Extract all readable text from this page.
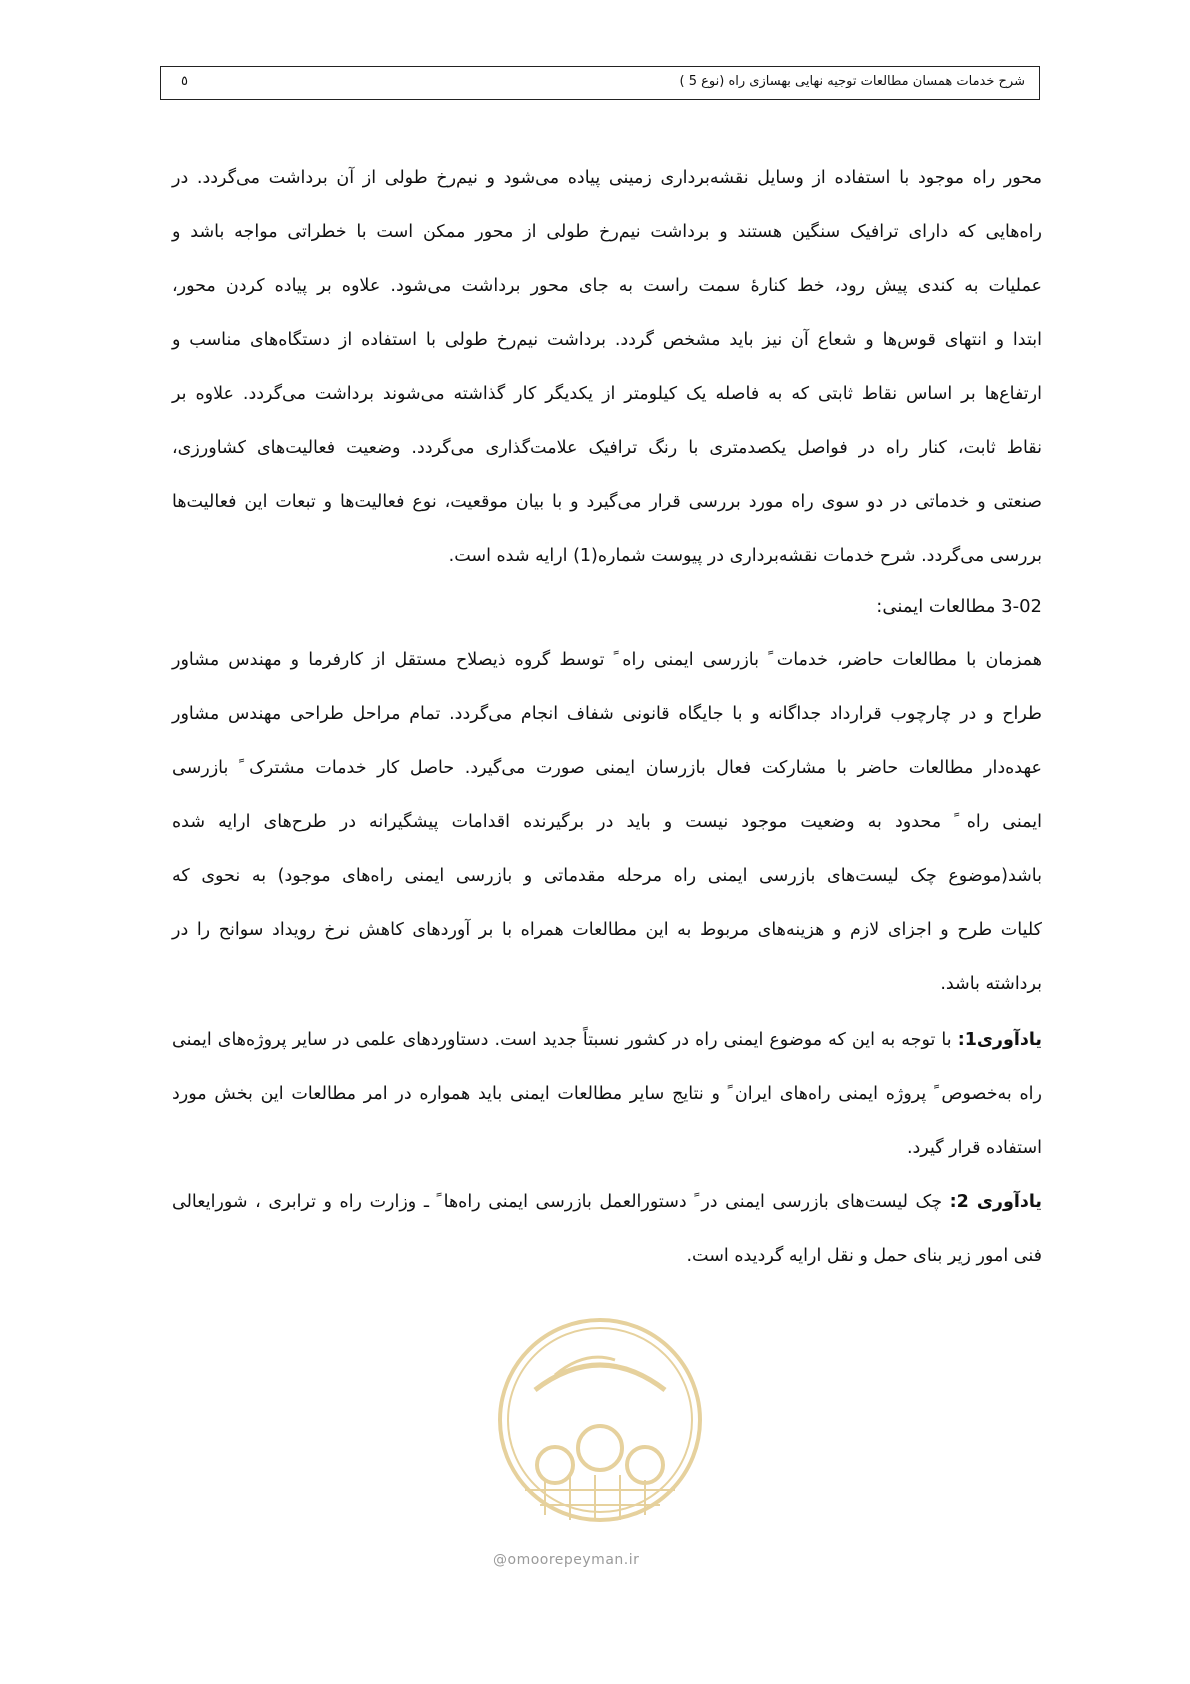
شرح خدمات همسان مطالعات توجیه نهایی بهسازی راه (نوع 5 )
٥
محور راه موجود با استفاده از وسایل نقشه‌برداری زمینی پیاده می‌شود و نیم‌رخ طولی از آن برداشت می‌گردد. در
راه‌هایی که دارای ترافیک سنگین هستند و برداشت نیم‌رخ طولی از محور ممکن است با خطراتی مواجه باشد و
عملیات به کندی پیش رود، خط کنارهٔ سمت راست به جای محور برداشت می‌شود. علاوه بر پیاده کردن محور،
ابتدا و انتهای قوس‌ها و شعاع آن نیز باید مشخص گردد. برداشت نیم‌رخ طولی با استفاده از دستگاه‌های مناسب و
ارتفاع‌ها بر اساس نقاط ثابتی که به فاصله یک کیلومتر از یکدیگر کار گذاشته می‌شوند برداشت می‌گردد. علاوه بر
نقاط ثابت، کنار راه در فواصل یکصدمتری با رنگ ترافیک علامت‌گذاری می‌گردد. وضعیت فعالیت‌های کشاورزی،
صنعتی و خدماتی در دو سوی راه مورد بررسی قرار می‌گیرد و با بیان موقعیت، نوع فعالیت‌ها و تبعات این فعالیت‌ها
بررسی می‌گردد. شرح خدمات نقشه‌برداری در پیوست شماره(1) ارایه شده است.
3-02 مطالعات ایمنی:
همزمان با مطالعات حاضر، خدمات ً بازرسی ایمنی راه ً توسط گروه ذیصلاح مستقل از کارفرما و مهندس مشاور
طراح و در چارچوب قرارداد جداگانه و با جایگاه قانونی شفاف انجام می‌گردد. تمام مراحل طراحی مهندس مشاور
عهده‌دار مطالعات حاضر با مشارکت فعال بازرسان ایمنی صورت می‌گیرد. حاصل کار خدمات مشترک ً بازرسی
ایمنی راه ً محدود به وضعیت موجود نیست و باید در برگیرنده اقدامات پیشگیرانه در طرح‌های ارایه شده
باشد(موضوع چک لیست‌های بازرسی ایمنی راه مرحله مقدماتی و بازرسی ایمنی راه‌های موجود) به نحوی که
کلیات طرح و اجزای لازم و هزینه‌های مربوط به این مطالعات همراه با بر آوردهای کاهش نرخ رویداد سوانح را در
برداشته باشد.
یادآوری1: با توجه به این که موضوع ایمنی راه در کشور نسبتاً جدید است. دستاوردهای علمی در سایر پروژه‌های ایمنی
راه به‌خصوص ً پروژه ایمنی راه‌های ایران ً و نتایج سایر مطالعات ایمنی باید همواره در امر مطالعات این بخش مورد
استفاده قرار گیرد.
یادآوری 2: چک لیست‌های بازرسی ایمنی در ً دستورالعمل بازرسی ایمنی راه‌ها ً ـ وزارت راه و ترابری ، شورایعالی
فنی امور زیر بنای حمل و نقل ارایه گردیده است.
@omoorepeyman.ir
